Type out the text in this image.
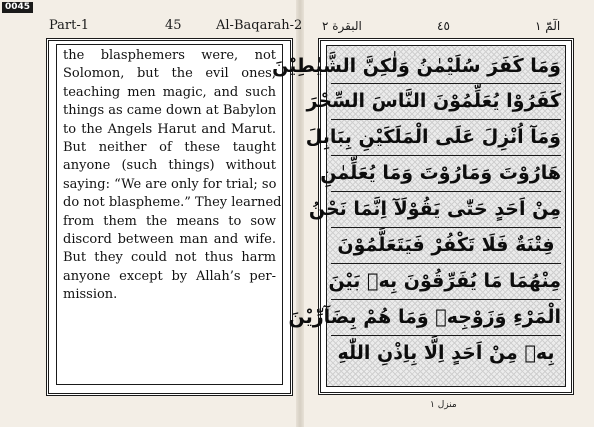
0045
Part-1	45	Al-Baqarah-2 البقرة ٢	٤٥	الٓمّٓ ١
the blasphemers were, not
Solomon, but the evil ones,
teaching men magic, and such
things as came down at Babylon
to the Angels Harut and Marut.
But neither of these taught
anyone (such things) without
saying: “We are only for trial; so
do not blaspheme.” They learned
from them the means to sow
discord between man and wife.
But they could not thus harm
anyone except by Allah’s per-
mission.
وَمَا كَفَرَ سُلَيْمٰنُ وَلٰكِنَّ الشَّيٰطِيْنَ
كَفَرُوْا يُعَلِّمُوْنَ النَّاسَ السِّحْرَ
وَمَآ اُنْزِلَ عَلَى الْمَلَكَيْنِ بِبَابِلَ
هَارُوْتَ وَمَارُوْتَ وَمَا يُعَلِّمٰنِ
مِنْ اَحَدٍ حَتّٰى يَقُوْلَآ اِنَّمَا نَحْنُ
فِتْنَةٌ فَلَا تَكْفُرْ فَيَتَعَلَّمُوْنَ
مِنْهُمَا مَا يُفَرِّقُوْنَ بِهٖ بَيْنَ
الْمَرْءِ وَزَوْجِهٖ وَمَا هُمْ بِضَآرِّيْنَ
بِهٖ مِنْ اَحَدٍ اِلَّا بِاِذْنِ اللّٰهِ
منزل ١
